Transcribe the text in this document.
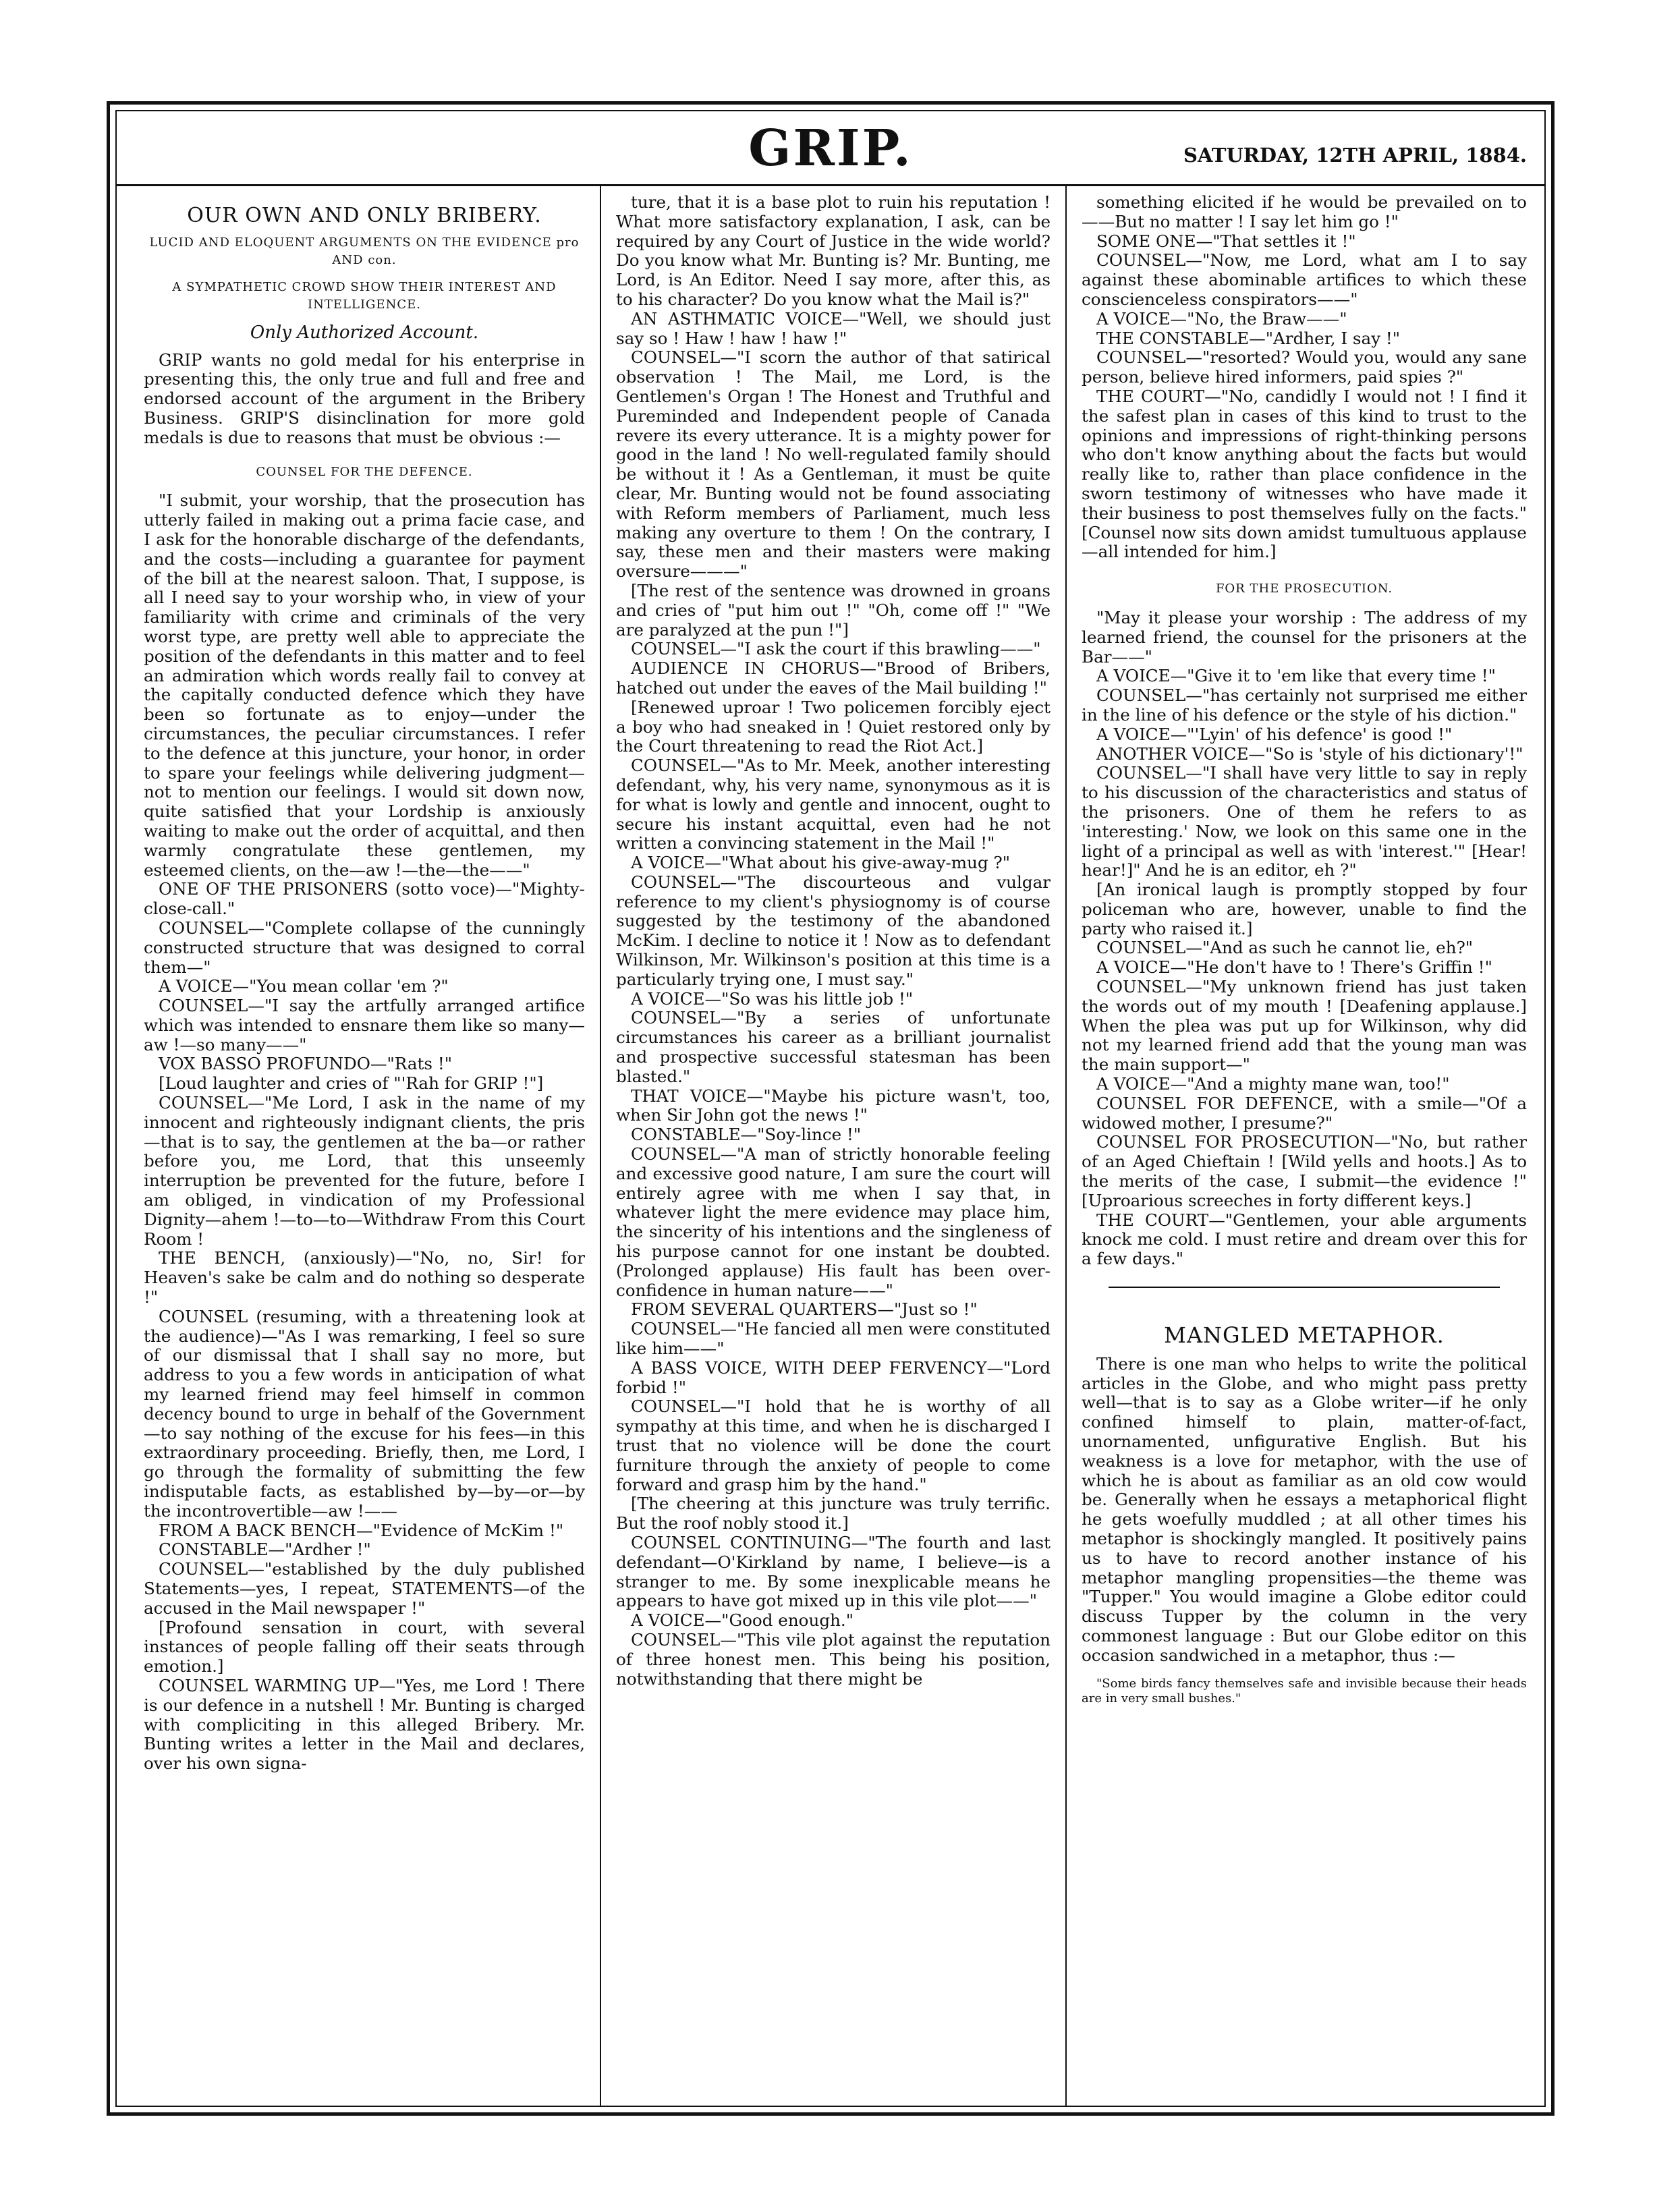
GRIP.	SATURDAY, 12TH APRIL, 1884.
OUR OWN AND ONLY BRIBERY.
LUCID AND ELOQUENT ARGUMENTS ON THE EVIDENCE pro AND con.
A SYMPATHETIC CROWD SHOW THEIR INTEREST AND INTELLIGENCE.
Only Authorized Account.

GRIP wants no gold medal for his enterprise in presenting this, the only true and full and free and endorsed account of the argument in the Bribery Business. GRIP'S disinclination for more gold medals is due to reasons that must be obvious :—

COUNSEL FOR THE DEFENCE.

"I submit, your worship, that the prosecution has utterly failed in making out a prima facie case, and I ask for the honorable discharge of the defendants, and the costs—including a guarantee for payment of the bill at the nearest saloon. That, I suppose, is all I need say to your worship who, in view of your familiarity with crime and criminals of the very worst type, are pretty well able to appreciate the position of the defendants in this matter and to feel an admiration which words really fail to convey at the capitally conducted defence which they have been so fortunate as to enjoy—under the circumstances, the peculiar circumstances. I refer to the defence at this juncture, your honor, in order to spare your feelings while delivering judgment—not to mention our feelings. I would sit down now, quite satisfied that your Lordship is anxiously waiting to make out the order of acquittal, and then warmly congratulate these gentlemen, my esteemed clients, on the—aw !—the—the——"

ONE OF THE PRISONERS (sotto voce)—"Mighty-close-call."

COUNSEL—"Complete collapse of the cunningly constructed structure that was designed to corral them—"

A VOICE—"You mean collar 'em ?"

COUNSEL—"I say the artfully arranged artifice which was intended to ensnare them like so many—aw !—so many——"

VOX BASSO PROFUNDO—"Rats !"

[Loud laughter and cries of "'Rah for GRIP !"]

COUNSEL—"Me Lord, I ask in the name of my innocent and righteously indignant clients, the pris—that is to say, the gentlemen at the ba—or rather before you, me Lord, that this unseemly interruption be prevented for the future, before I am obliged, in vindication of my Professional Dignity—ahem !—to—to—Withdraw From this Court Room !

THE BENCH, (anxiously)—"No, no, Sir! for Heaven's sake be calm and do nothing so desperate !"

COUNSEL (resuming, with a threatening look at the audience)—"As I was remarking, I feel so sure of our dismissal that I shall say no more, but address to you a few words in anticipation of what my learned friend may feel himself in common decency bound to urge in behalf of the Government—to say nothing of the excuse for his fees—in this extraordinary proceeding. Briefly, then, me Lord, I go through the formality of submitting the few indisputable facts, as established by—by—or—by the incontrovertible—aw !——

FROM A BACK BENCH—"Evidence of McKim !"

CONSTABLE—"Ardher !"

COUNSEL—"established by the duly published Statements—yes, I repeat, STATEMENTS—of the accused in the Mail newspaper !"

[Profound sensation in court, with several instances of people falling off their seats through emotion.]

COUNSEL WARMING UP—"Yes, me Lord ! There is our defence in a nutshell ! Mr. Bunting is charged with compliciting in this alleged Bribery. Mr. Bunting writes a letter in the Mail and declares, over his own signa-

ture, that it is a base plot to ruin his reputation ! What more satisfactory explanation, I ask, can be required by any Court of Justice in the wide world? Do you know what Mr. Bunting is? Mr. Bunting, me Lord, is An Editor. Need I say more, after this, as to his character? Do you know what the Mail is?"

AN ASTHMATIC VOICE—"Well, we should just say so ! Haw ! haw ! haw !"

COUNSEL—"I scorn the author of that satirical observation ! The Mail, me Lord, is the Gentlemen's Organ ! The Honest and Truthful and Pureminded and Independent people of Canada revere its every utterance. It is a mighty power for good in the land ! No well-regulated family should be without it ! As a Gentleman, it must be quite clear, Mr. Bunting would not be found associating with Reform members of Parliament, much less making any overture to them ! On the contrary, I say, these men and their masters were making oversure———"

[The rest of the sentence was drowned in groans and cries of "put him out !" "Oh, come off !" "We are paralyzed at the pun !"]

COUNSEL—"I ask the court if this brawling——"

AUDIENCE IN CHORUS—"Brood of Bribers, hatched out under the eaves of the Mail building !"

[Renewed uproar ! Two policemen forcibly eject a boy who had sneaked in ! Quiet restored only by the Court threatening to read the Riot Act.]

COUNSEL—"As to Mr. Meek, another interesting defendant, why, his very name, synonymous as it is for what is lowly and gentle and innocent, ought to secure his instant acquittal, even had he not written a convincing statement in the Mail !"

A VOICE—"What about his give-away-mug ?"

COUNSEL—"The discourteous and vulgar reference to my client's physiognomy is of course suggested by the testimony of the abandoned McKim. I decline to notice it ! Now as to defendant Wilkinson, Mr. Wilkinson's position at this time is a particularly trying one, I must say."

A VOICE—"So was his little job !"

COUNSEL—"By a series of unfortunate circumstances his career as a brilliant journalist and prospective successful statesman has been blasted."

THAT VOICE—"Maybe his picture wasn't, too, when Sir John got the news !"

CONSTABLE—"Soy-lince !"

COUNSEL—"A man of strictly honorable feeling and excessive good nature, I am sure the court will entirely agree with me when I say that, in whatever light the mere evidence may place him, the sincerity of his intentions and the singleness of his purpose cannot for one instant be doubted. (Prolonged applause) His fault has been over-confidence in human nature——"

FROM SEVERAL QUARTERS—"Just so !"

COUNSEL—"He fancied all men were constituted like him——"

A BASS VOICE, WITH DEEP FERVENCY—"Lord forbid !"

COUNSEL—"I hold that he is worthy of all sympathy at this time, and when he is discharged I trust that no violence will be done the court furniture through the anxiety of people to come forward and grasp him by the hand."

[The cheering at this juncture was truly terrific. But the roof nobly stood it.]

COUNSEL CONTINUING—"The fourth and last defendant—O'Kirkland by name, I believe—is a stranger to me. By some inexplicable means he appears to have got mixed up in this vile plot——"

A VOICE—"Good enough."

COUNSEL—"This vile plot against the reputation of three honest men. This being his position, notwithstanding that there might be

something elicited if he would be prevailed on to——But no matter ! I say let him go !"

SOME ONE—"That settles it !"

COUNSEL—"Now, me Lord, what am I to say against these abominable artifices to which these conscienceless conspirators——"

A VOICE—"No, the Braw——"

THE CONSTABLE—"Ardher, I say !"

COUNSEL—"resorted? Would you, would any sane person, believe hired informers, paid spies ?"

THE COURT—"No, candidly I would not ! I find it the safest plan in cases of this kind to trust to the opinions and impressions of right-thinking persons who don't know anything about the facts but would really like to, rather than place confidence in the sworn testimony of witnesses who have made it their business to post themselves fully on the facts." [Counsel now sits down amidst tumultuous applause—all intended for him.]

FOR THE PROSECUTION.

"May it please your worship : The address of my learned friend, the counsel for the prisoners at the Bar——"

A VOICE—"Give it to 'em like that every time !"

COUNSEL—"has certainly not surprised me either in the line of his defence or the style of his diction."

A VOICE—"'Lyin' of his defence' is good !"

ANOTHER VOICE—"So is 'style of his dictionary'!"

COUNSEL—"I shall have very little to say in reply to his discussion of the characteristics and status of the prisoners. One of them he refers to as 'interesting.' Now, we look on this same one in the light of a principal as well as with 'interest.'" [Hear! hear!]" And he is an editor, eh ?"

[An ironical laugh is promptly stopped by four policeman who are, however, unable to find the party who raised it.]

COUNSEL—"And as such he cannot lie, eh?"

A VOICE—"He don't have to ! There's Griffin !"

COUNSEL—"My unknown friend has just taken the words out of my mouth ! [Deafening applause.] When the plea was put up for Wilkinson, why did not my learned friend add that the young man was the main support—"

A VOICE—"And a mighty mane wan, too!"

COUNSEL FOR DEFENCE, with a smile—"Of a widowed mother, I presume?"

COUNSEL FOR PROSECUTION—"No, but rather of an Aged Chieftain ! [Wild yells and hoots.] As to the merits of the case, I submit—the evidence !" [Uproarious screeches in forty different keys.]

THE COURT—"Gentlemen, your able arguments knock me cold. I must retire and dream over this for a few days."

MANGLED METAPHOR.

There is one man who helps to write the political articles in the Globe, and who might pass pretty well—that is to say as a Globe writer—if he only confined himself to plain, matter-of-fact, unornamented, unfigurative English. But his weakness is a love for metaphor, with the use of which he is about as familiar as an old cow would be. Generally when he essays a metaphorical flight he gets woefully muddled ; at all other times his metaphor is shockingly mangled. It positively pains us to have to record another instance of his metaphor mangling propensities—the theme was "Tupper." You would imagine a Globe editor could discuss Tupper by the column in the very commonest language : But our Globe editor on this occasion sandwiched in a metaphor, thus :—

"Some birds fancy themselves safe and invisible because their heads are in very small bushes."
